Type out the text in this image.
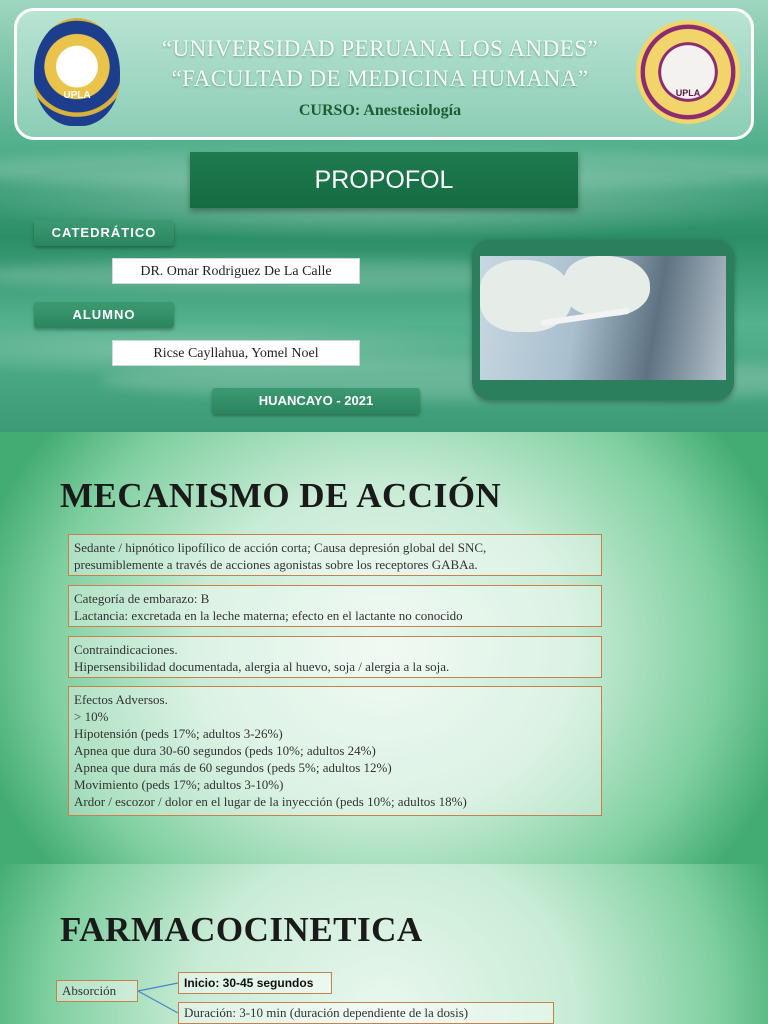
UPLA
“UNIVERSIDAD PERUANA LOS ANDES”
“FACULTAD DE MEDICINA HUMANA”
CURSO: Anestesiología
UPLA
PROPOFOL
CATEDRÁTICO
DR. Omar Rodriguez De La Calle
ALUMNO
Ricse Cayllahua, Yomel Noel
HUANCAYO - 2021
MECANISMO DE ACCIÓN
Sedante / hipnótico lipofílico de acción corta; Causa depresión global del SNC,
presumiblemente a través de acciones agonistas sobre los receptores GABAa.
Categoría de embarazo: B
Lactancia: excretada en la leche materna; efecto en el lactante no conocido
Contraindicaciones.
Hipersensibilidad documentada, alergia al huevo, soja / alergia a la soja.
Efectos Adversos.
> 10%
Hipotensión (peds 17%; adultos 3-26%)
Apnea que dura 30-60 segundos (peds 10%; adultos 24%)
Apnea que dura más de 60 segundos (peds 5%; adultos 12%)
Movimiento (peds 17%; adultos 3-10%)
Ardor / escozor / dolor en el lugar de la inyección (peds 10%; adultos 18%)
FARMACOCINETICA
Absorción	Inicio: 30-45 segundos
Duración: 3-10 min (duración dependiente de la dosis)
